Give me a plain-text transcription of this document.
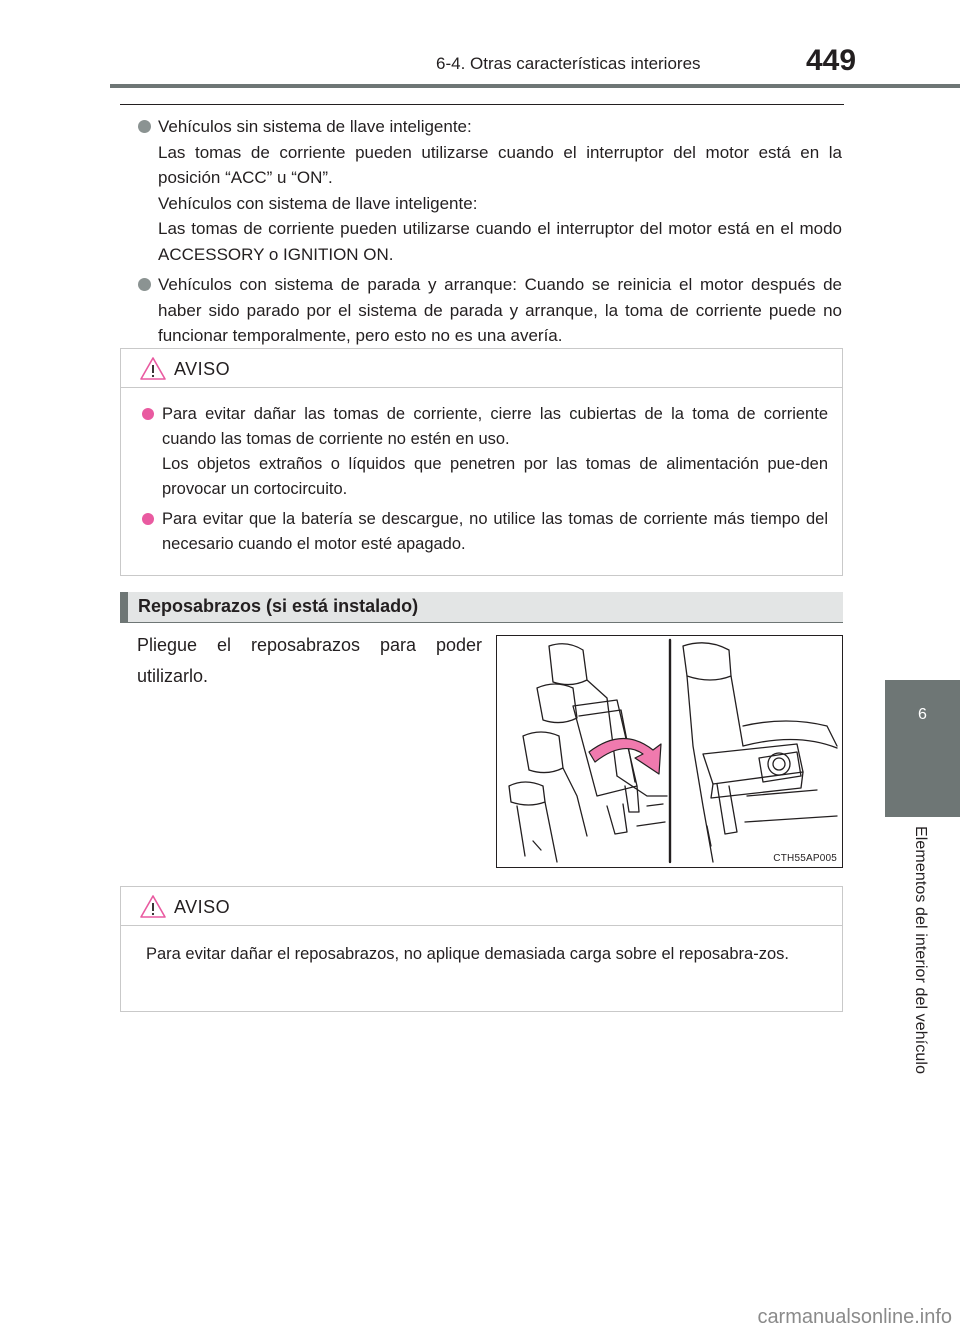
6-4. Otras características interiores	449
6
Elementos del interior del vehículo

Vehículos sin sistema de llave inteligente:

Las tomas de corriente pueden utilizarse cuando el interruptor del motor está en la posición “ACC” u “ON”.

Vehículos con sistema de llave inteligente:

Las tomas de corriente pueden utilizarse cuando el interruptor del motor está en el modo ACCESSORY o IGNITION ON.

Vehículos con sistema de parada y arranque: Cuando se reinicia el motor después de haber sido parado por el sistema de parada y arranque, la toma de corriente puede no funcionar temporalmente, pero esto no es una avería.

AVISO

Para evitar dañar las tomas de corriente, cierre las cubiertas de la toma de corriente cuando las tomas de corriente no estén en uso.

Los objetos extraños o líquidos que penetren por las tomas de alimentación pue-den provocar un cortocircuito.

Para evitar que la batería se descargue, no utilice las tomas de corriente más tiempo del necesario cuando el motor esté apagado.

Reposabrazos (si está instalado)
Pliegue el reposabrazos para poder utilizarlo.
CTH55AP005
AVISO

Para evitar dañar el reposabrazos, no aplique demasiada carga sobre el reposabra-zos.

carmanualsonline.info
